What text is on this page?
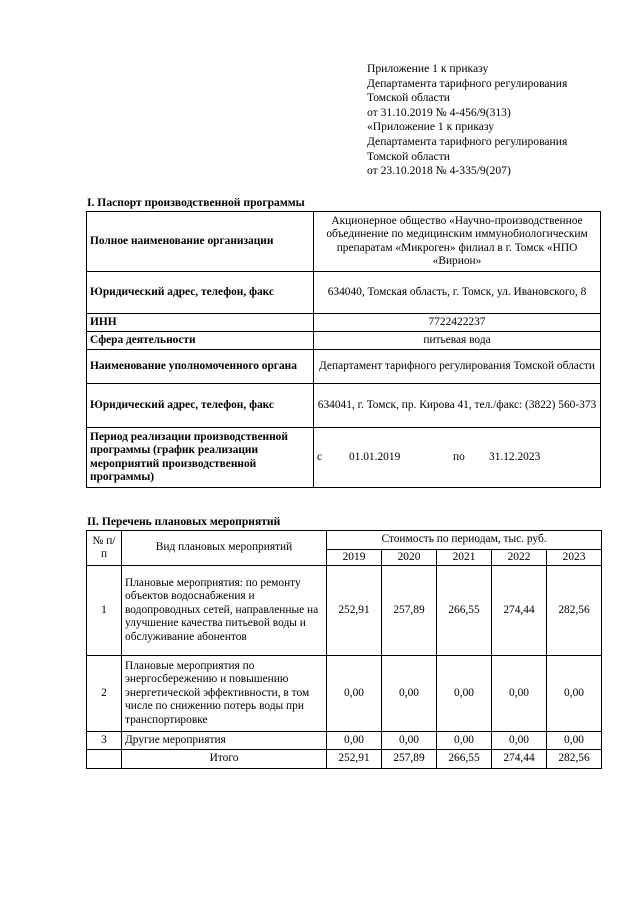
Приложение 1 к приказу
Департамента тарифного регулирования
Томской области
от 31.10.2019 № 4-456/9(313)
«Приложение 1 к приказу
Департамента тарифного регулирования
Томской области
от 23.10.2018 № 4-335/9(207)
I. Паспорт производственной программы
Полное наименование организации	Акционерное общество «Научно-производственное объединение по медицинским иммунобиологическим препаратам «Микроген» филиал в г. Томск «НПО «Вирион»
Юридический адрес, телефон, факс	634040, Томская область, г. Томск, ул. Ивановского, 8
ИНН	7722422237
Сфера деятельности	питьевая вода
Наименование уполномоченного органа	Департамент тарифного регулирования Томской области
Юридический адрес, телефон, факс	634041, г. Томск, пр. Кирова 41, тел./факс: (3822) 560-373
Период реализации производственной программы (график реализации мероприятий производственной программы)	с 01.01.2019 по 31.12.2023
II. Перечень плановых мероприятий
№ п/п	Вид плановых мероприятий	Стоимость по периодам, тыс. руб.				
		2019	2020	2021	2022	2023
1	Плановые мероприятия: по ремонту объектов водоснабжения и водопроводных сетей, направленные на улучшение качества питьевой воды и обслуживание абонентов	252,91	257,89	266,55	274,44	282,56
2	Плановые мероприятия по энергосбережению и повышению энергетической эффективности, в том числе по снижению потерь воды при транспортировке	0,00	0,00	0,00	0,00	0,00
3	Другие мероприятия	0,00	0,00	0,00	0,00	0,00
	Итого	252,91	257,89	266,55	274,44	282,56
